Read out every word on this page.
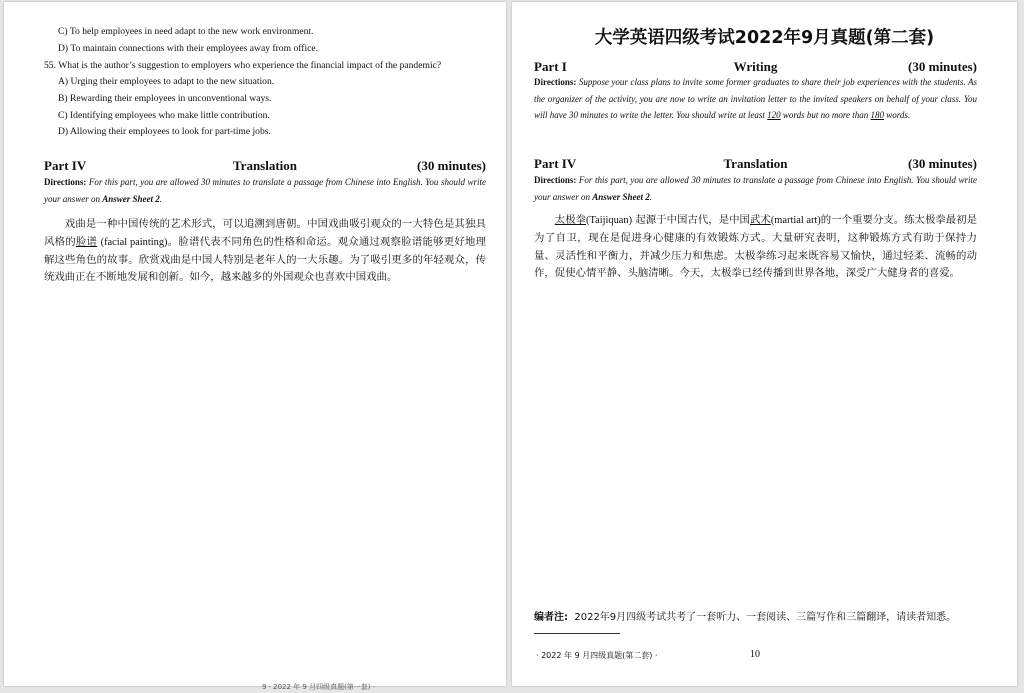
C) To help employees in need adapt to the new work environment.
D) To maintain connections with their employees away from office.
55. What is the author’s suggestion to employers who experience the financial impact of the pandemic?
A) Urging their employees to adapt to the new situation.
B) Rewarding their employees in unconventional ways.
C) Identifying employees who make little contribution.
D) Allowing their employees to look for part-time jobs.
Part IV	Translation	(30 minutes)
Directions: For this part, you are allowed 30 minutes to translate a passage from Chinese into English. You should write your answer on Answer Sheet 2.
戏曲是一种中国传统的艺术形式，可以追溯到唐朝。中国戏曲吸引观众的一大特色是其独具风格的脸谱 (facial painting)。脸谱代表不同角色的性格和命运。观众通过观察脸谱能够更好地理解这些角色的故事。欣赏戏曲是中国人特别是老年人的一大乐趣。为了吸引更多的年轻观众，传统戏曲正在不断地发展和创新。如今，越来越多的外国观众也喜欢中国戏曲。
9 · 2022 年 9 月四级真题(第一套) ·
大学英语四级考试2022年9月真题(第二套)
Part I	Writing	(30 minutes)
Directions: Suppose your class plans to invite some former graduates to share their job experiences with the students. As the organizer of the activity, you are now to write an invitation letter to the invited speakers on behalf of your class. You will have 30 minutes to write the letter. You should write at least 120 words but no more than 180 words.
Part IV	Translation	(30 minutes)
Directions: For this part, you are allowed 30 minutes to translate a passage from Chinese into English. You should write your answer on Answer Sheet 2.
太极拳(Taijiquan) 起源于中国古代，是中国武术(martial art)的一个重要分支。练太极拳最初是为了自卫，现在是促进身心健康的有效锻炼方式。大量研究表明，这种锻炼方式有助于保持力量、灵活性和平衡力，并减少压力和焦虑。太极拳练习起来既容易又愉快，通过轻柔、流畅的动作，促使心情平静、头脑清晰。今天，太极拳已经传播到世界各地，深受广大健身者的喜爱。
编者注: 2022年9月四级考试共考了一套听力、一套阅读、三篇写作和三篇翻译，请读者知悉。
· 2022 年 9 月四级真题(第二套) ·	10
